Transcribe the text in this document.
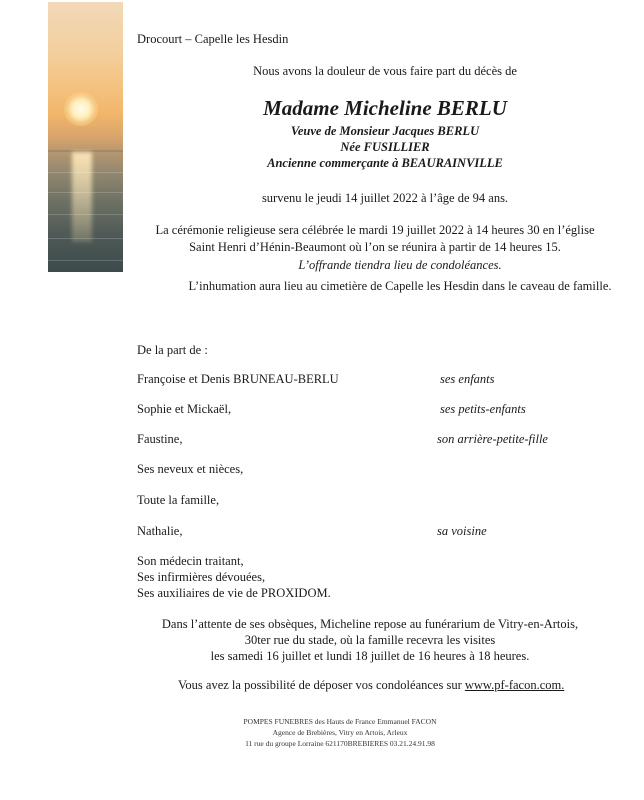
Drocourt – Capelle les Hesdin
Nous avons la douleur de vous faire part du décès de
Madame Micheline BERLU
Veuve de Monsieur Jacques BERLU
Née FUSILLIER
Ancienne commerçante à BEAURAINVILLE
survenu le jeudi 14 juillet 2022 à l’âge de 94 ans.
La cérémonie religieuse sera célébrée le mardi 19 juillet 2022 à 14 heures 30 en l’église
Saint Henri d’Hénin-Beaumont où l’on se réunira à partir de 14 heures 15.
L’offrande tiendra lieu de condoléances.
L’inhumation aura lieu au cimetière de Capelle les Hesdin dans le caveau de famille.
De la part de :
Françoise et Denis BRUNEAU-BERLU	ses enfants
Sophie et Mickaël,	ses petits-enfants
Faustine,	son arrière-petite-fille
Ses neveux et nièces,
Toute la famille,
Nathalie,	sa voisine
Son médecin traitant,
Ses infirmières dévouées,
Ses auxiliaires de vie de PROXIDOM.
Dans l’attente de ses obsèques, Micheline repose au funérarium de Vitry-en-Artois,
30ter rue du stade, où la famille recevra les visites
les samedi 16 juillet et lundi 18 juillet de 16 heures à 18 heures.
Vous avez la possibilité de déposer vos condoléances sur www.pf-facon.com.
POMPES FUNEBRES des Hauts de France Emmanuel FACON
Agence de Brebières, Vitry en Artois, Arleux
11 rue du groupe Lorraine 621170BREBIERES 03.21.24.91.98
